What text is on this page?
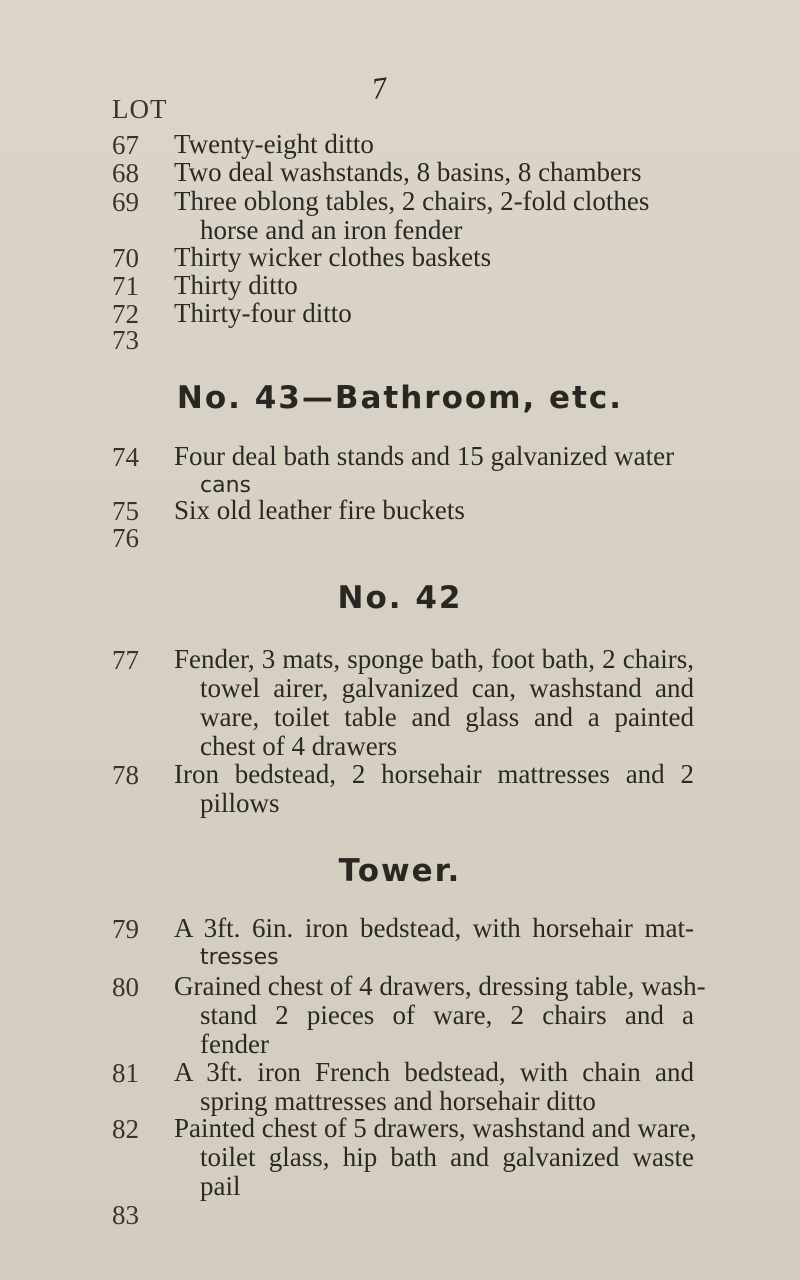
7
LOT
67	Twenty-eight ditto
68	Two deal washstands, 8 basins, 8 chambers
69	Three oblong tables, 2 chairs, 2-fold clothes
horse and an iron fender
70	Thirty wicker clothes baskets
71	Thirty ditto
72	Thirty-four ditto
73
No. 43—Bathroom, etc.
74	Four deal bath stands and 15 galvanized water
cans
75	Six old leather fire buckets
76
No. 42
77	Fender, 3 mats, sponge bath, foot bath, 2 chairs,
towel airer, galvanized can, washstand and
ware, toilet table and glass and a painted
chest of 4 drawers
78	Iron bedstead, 2 horsehair mattresses and 2
pillows
Tower.
79	A 3ft. 6in. iron bedstead, with horsehair mat-
tresses
80	Grained chest of 4 drawers, dressing table, wash-
stand 2 pieces of ware, 2 chairs and a
fender
81	A 3ft. iron French bedstead, with chain and
spring mattresses and horsehair ditto
82	Painted chest of 5 drawers, washstand and ware,
toilet glass, hip bath and galvanized waste
pail
83
